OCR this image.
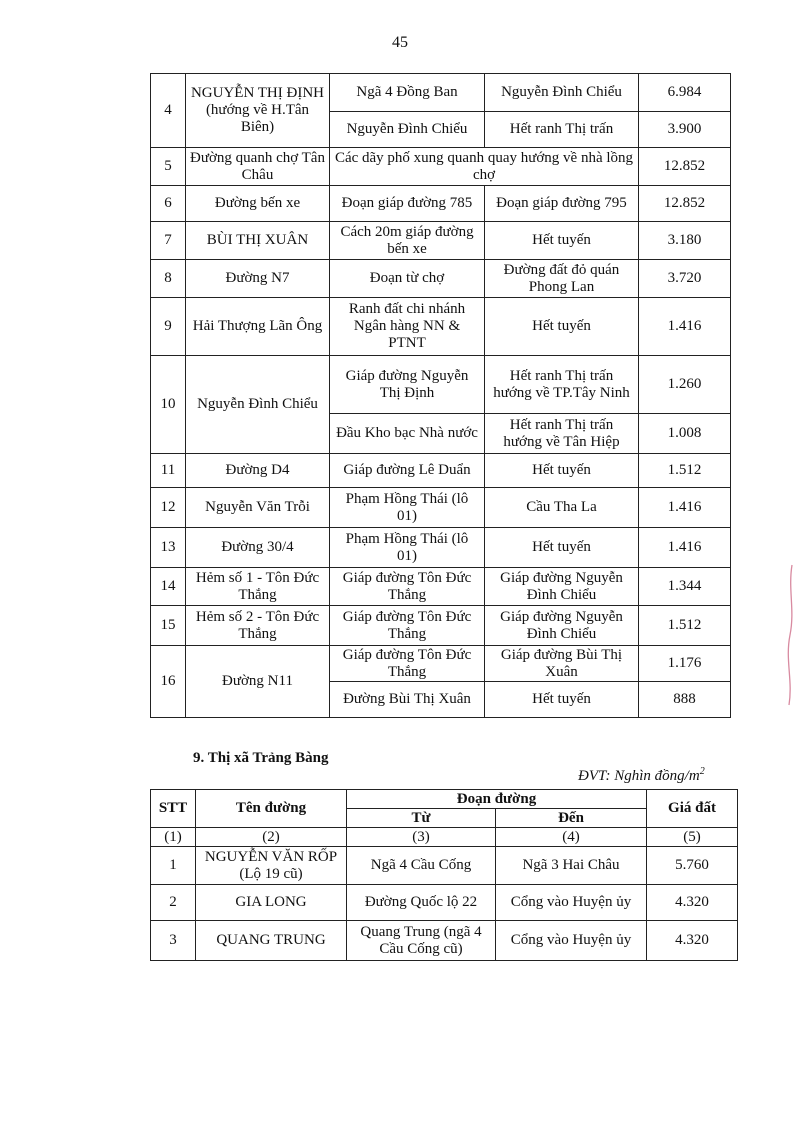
45
4	NGUYỄN THỊ ĐỊNH (hướng về H.Tân Biên)	Ngã 4 Đồng Ban	Nguyễn Đình Chiểu	6.984
		Nguyễn Đình Chiểu	Hết ranh Thị trấn	3.900
5	Đường quanh chợ Tân Châu	Các dãy phố xung quanh quay hướng về nhà lồng chợ		12.852
6	Đường bến xe	Đoạn giáp đường 785	Đoạn giáp đường 795	12.852
7	BÙI THỊ XUÂN	Cách 20m giáp đường bến xe	Hết tuyến	3.180
8	Đường N7	Đoạn từ chợ	Đường đất đỏ quán Phong Lan	3.720
9	Hải Thượng Lãn Ông	Ranh đất chi nhánh Ngân hàng NN & PTNT	Hết tuyến	1.416
10	Nguyễn Đình Chiểu	Giáp đường Nguyễn Thị Định	Hết ranh Thị trấn hướng về TP.Tây Ninh	1.260
		Đầu Kho bạc Nhà nước	Hết ranh Thị trấn hướng về Tân Hiệp	1.008
11	Đường D4	Giáp đường Lê Duẩn	Hết tuyến	1.512
12	Nguyễn Văn Trỗi	Phạm Hồng Thái (lô 01)	Cầu Tha La	1.416
13	Đường 30/4	Phạm Hồng Thái (lô 01)	Hết tuyến	1.416
14	Hẻm số 1 - Tôn Đức Thắng	Giáp đường Tôn Đức Thắng	Giáp đường Nguyễn Đình Chiểu	1.344
15	Hẻm số 2 - Tôn Đức Thắng	Giáp đường Tôn Đức Thắng	Giáp đường Nguyễn Đình Chiểu	1.512
16	Đường N11	Giáp đường Tôn Đức Thắng	Giáp đường Bùi Thị Xuân	1.176
		Đường Bùi Thị Xuân	Hết tuyến	888
9. Thị xã Trảng Bàng
ĐVT: Nghìn đồng/$m^2$
STT	Tên đường	Đoạn đường		Giá đất
		Từ	Đến	
(1)	(2)	(3)	(4)	(5)
1	NGUYỄN VĂN RỐP (Lộ 19 cũ)	Ngã 4 Cầu Cống	Ngã 3 Hai Châu	5.760
2	GIA LONG	Đường Quốc lộ 22	Cổng vào Huyện ủy	4.320
3	QUANG TRUNG	Quang Trung (ngã 4 Cầu Cống cũ)	Cổng vào Huyện ủy	4.320
